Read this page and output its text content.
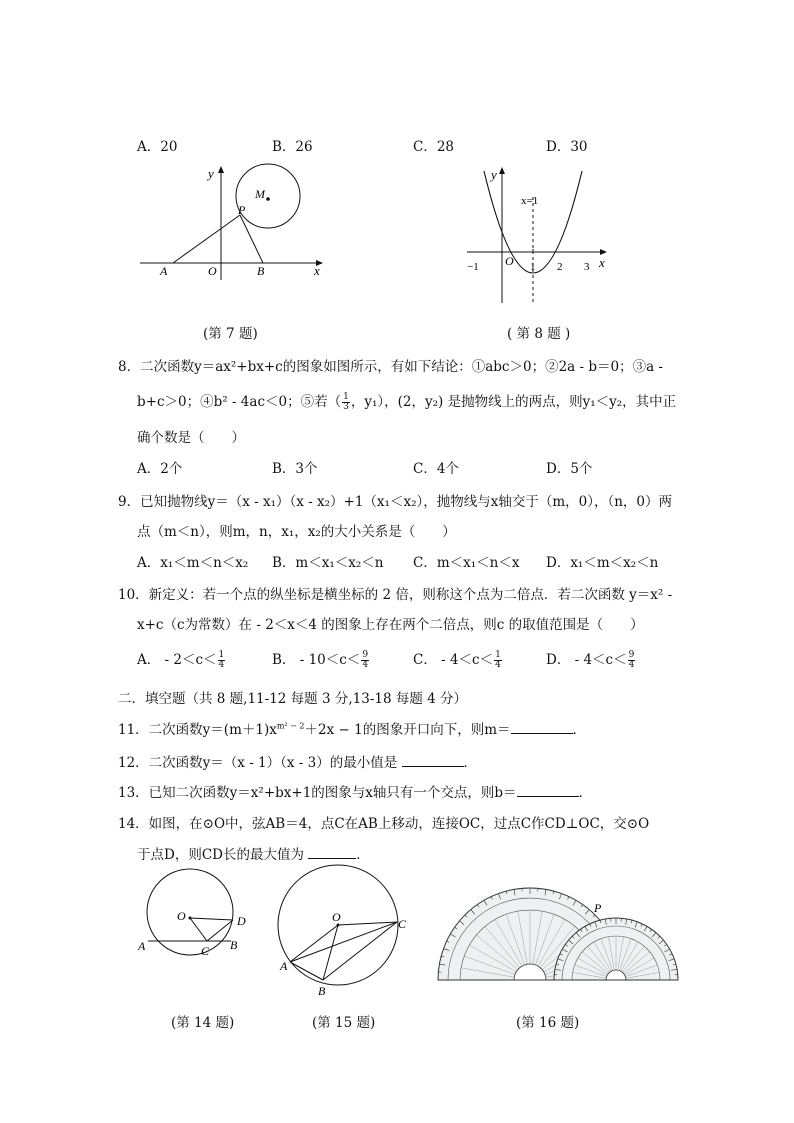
A．20	B．26	C．28	D．30
y
M
P
A	O	B	x
(第 7 题)
y
x=1
O
−1	1 2 3 x
( 第 8 题 )
8．二次函数y＝ax²+bx+c的图象如图所示，有如下结论：①abc＞0；②2a - b＝0；③a -
b+c＞0；④b² - 4ac＜0；⑤若（ $\frac{1}{3}$ ，y₁），(2，y₂) 是抛物线上的两点，则y₁＜y₂，其中正
确个数是（　　）
A．2个	B．3个	C．4个	D．5个
9．已知抛物线y＝（x - x₁）（x - x₂）+1（x₁＜x₂），抛物线与x轴交于（m，0），（n，0）两
点（m＜n），则m，n，x₁，x₂的大小关系是（　　）
A．x₁＜m＜n＜x₂ B．m＜x₁＜x₂＜n C．m＜x₁＜n＜x D．x₁＜m＜x₂＜n
10．新定义：若一个点的纵坐标是横坐标的 2 倍，则称这个点为二倍点．若二次函数 y＝x² -
x+c（c为常数）在 - 2＜x＜4 的图象上存在两个二倍点，则c 的取值范围是（　　）
A． - $2<c< \frac{1}{4}$	B． - $10<c< \frac{9}{4}$	C． - $4<c< \frac{1}{4}$	D． - $4<c< \frac{9}{4}$
二．填空题（共 8 题,11-12 每题 3 分,13-18 每题 4 分）
11．二次函数$y=(m+1)x^{m^2 - 2}+2x - 1$的图象开口向下，则m＝	．
12．二次函数y＝（x - 1）（x - 3）的最小值是	．
13．已知二次函数y＝x²+bx+1的图象与x轴只有一个交点，则b＝	．
14．如图，在⊙O中，弦AB＝4，点C在AB上移动，连接OC，过点C作CD⊥OC，交⊙O
于点D，则CD长的最大值为	．
O	D
A	C B
(第 14 题)
O	C
A
B
(第 15 题)
P
(第 16 题)
